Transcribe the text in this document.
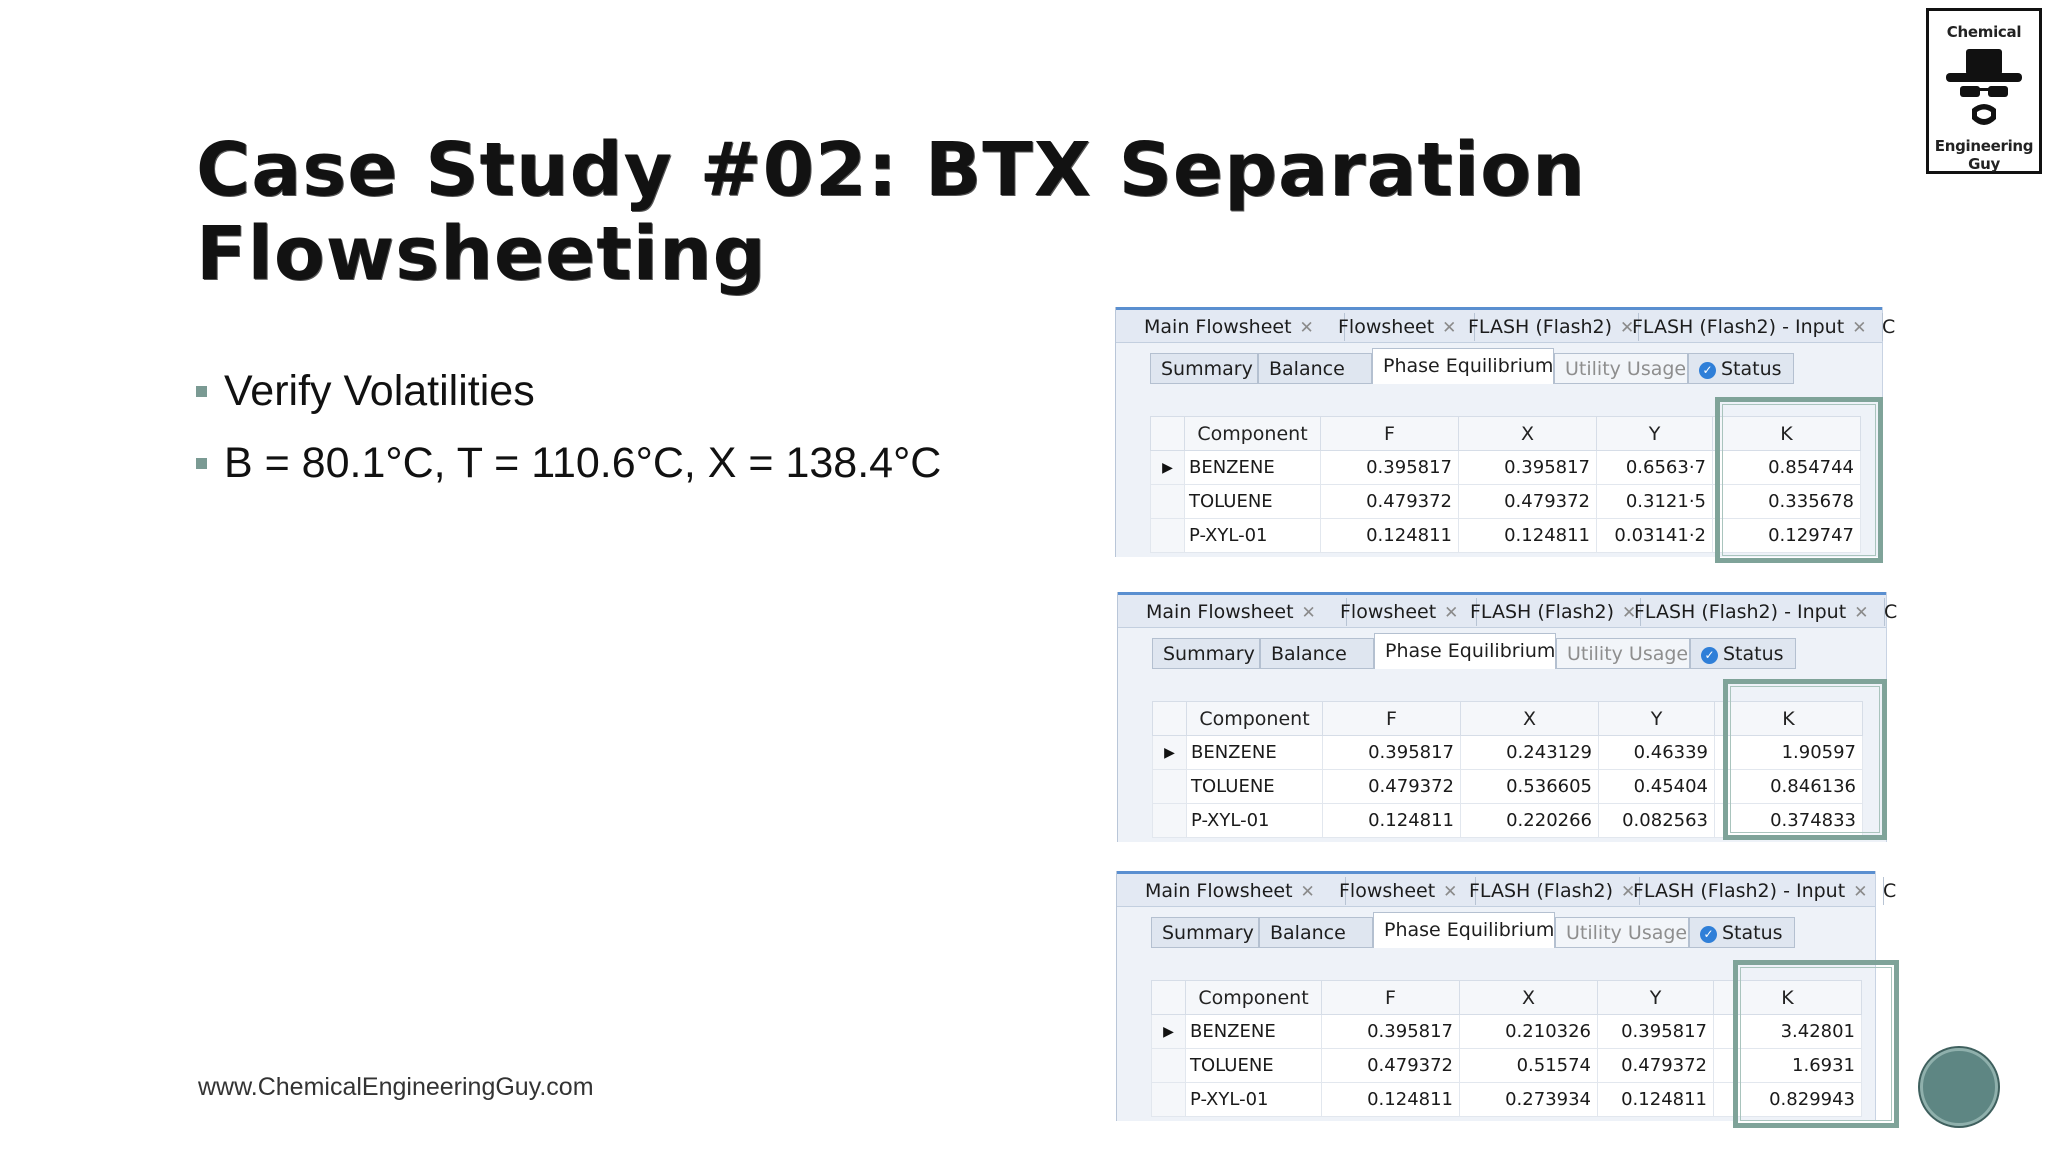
Case Study #02: BTX Separation
Flowsheeting
Verify Volatilities
B = 80.1°C, T = 110.6°C, X = 138.4°C
www.ChemicalEngineeringGuy.com
Chemical
Engineering Guy
Main Flowsheet ✕	Flowsheet ✕ FLASH (Flash2) ✕
FLASH (Flash2) - Input ✕ C
Summary Balance	Phase Equilibrium Utility Usage	✓ Status
	Component	F	X	Y	K
▶	BENZENE	0.395817	0.395817	0.6563·7	0.854744
	TOLUENE	0.479372	0.479372	0.3121·5	0.335678
	P-XYL-01	0.124811	0.124811	0.03141·2	0.129747
Main Flowsheet ✕	Flowsheet ✕ FLASH (Flash2) ✕
FLASH (Flash2) - Input ✕ C
Summary Balance	Phase Equilibrium Utility Usage	✓ Status
	Component	F	X	Y	K
▶	BENZENE	0.395817	0.243129	0.46339	1.90597
	TOLUENE	0.479372	0.536605	0.45404	0.846136
	P-XYL-01	0.124811	0.220266	0.082563	0.374833
Main Flowsheet ✕	Flowsheet ✕ FLASH (Flash2) ✕
FLASH (Flash2) - Input ✕ C
Summary Balance	Phase Equilibrium Utility Usage	✓ Status
	Component	F	X	Y	K
▶	BENZENE	0.395817	0.210326	0.395817	3.42801
	TOLUENE	0.479372	0.51574	0.479372	1.6931
	P-XYL-01	0.124811	0.273934	0.124811	0.829943
